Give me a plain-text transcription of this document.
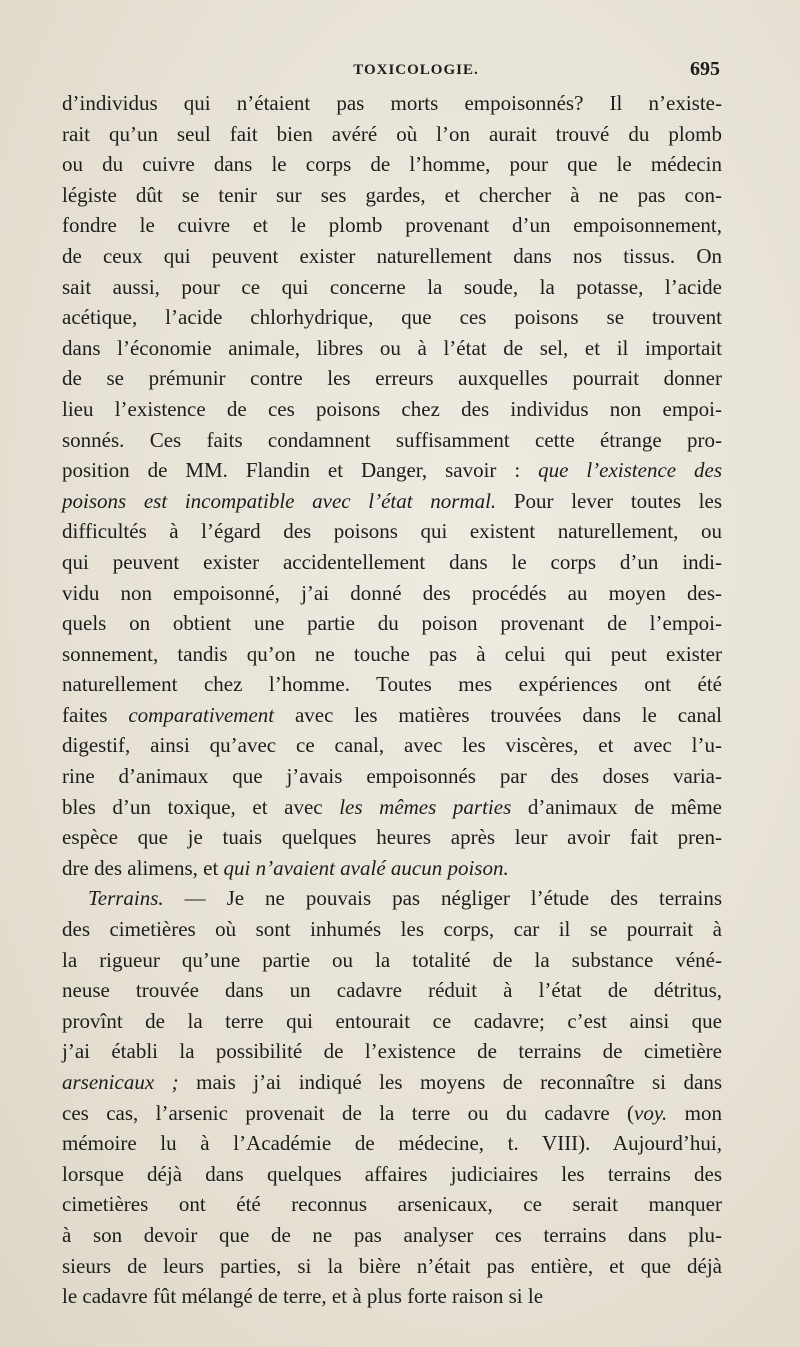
TOXICOLOGIE.	695
d’individus qui n’étaient pas morts empoisonnés? Il n’existe-
rait qu’un seul fait bien avéré où l’on aurait trouvé du plomb
ou du cuivre dans le corps de l’homme, pour que le médecin
légiste dût se tenir sur ses gardes, et chercher à ne pas con-
fondre le cuivre et le plomb provenant d’un empoisonnement,
de ceux qui peuvent exister naturellement dans nos tissus. On
sait aussi, pour ce qui concerne la soude, la potasse, l’acide
acétique, l’acide chlorhydrique, que ces poisons se trouvent
dans l’économie animale, libres ou à l’état de sel, et il importait
de se prémunir contre les erreurs auxquelles pourrait donner
lieu l’existence de ces poisons chez des individus non empoi-
sonnés. Ces faits condamnent suffisamment cette étrange pro-
position de MM. Flandin et Danger, savoir : que l’existence des
poisons est incompatible avec l’état normal. Pour lever toutes les
difficultés à l’égard des poisons qui existent naturellement, ou
qui peuvent exister accidentellement dans le corps d’un indi-
vidu non empoisonné, j’ai donné des procédés au moyen des-
quels on obtient une partie du poison provenant de l’empoi-
sonnement, tandis qu’on ne touche pas à celui qui peut exister
naturellement chez l’homme. Toutes mes expériences ont été
faites comparativement avec les matières trouvées dans le canal
digestif, ainsi qu’avec ce canal, avec les viscères, et avec l’u-
rine d’animaux que j’avais empoisonnés par des doses varia-
bles d’un toxique, et avec les mêmes parties d’animaux de même
espèce que je tuais quelques heures après leur avoir fait pren-
dre des alimens, et qui n’avaient avalé aucun poison.
Terrains. — Je ne pouvais pas négliger l’étude des terrains
des cimetières où sont inhumés les corps, car il se pourrait à
la rigueur qu’une partie ou la totalité de la substance véné-
neuse trouvée dans un cadavre réduit à l’état de détritus,
provînt de la terre qui entourait ce cadavre; c’est ainsi que
j’ai établi la possibilité de l’existence de terrains de cimetière
arsenicaux ; mais j’ai indiqué les moyens de reconnaître si dans
ces cas, l’arsenic provenait de la terre ou du cadavre (voy. mon
mémoire lu à l’Académie de médecine, t. VIII). Aujourd’hui,
lorsque déjà dans quelques affaires judiciaires les terrains des
cimetières ont été reconnus arsenicaux, ce serait manquer
à son devoir que de ne pas analyser ces terrains dans plu-
sieurs de leurs parties, si la bière n’était pas entière, et que déjà
le cadavre fût mélangé de terre, et à plus forte raison si le
